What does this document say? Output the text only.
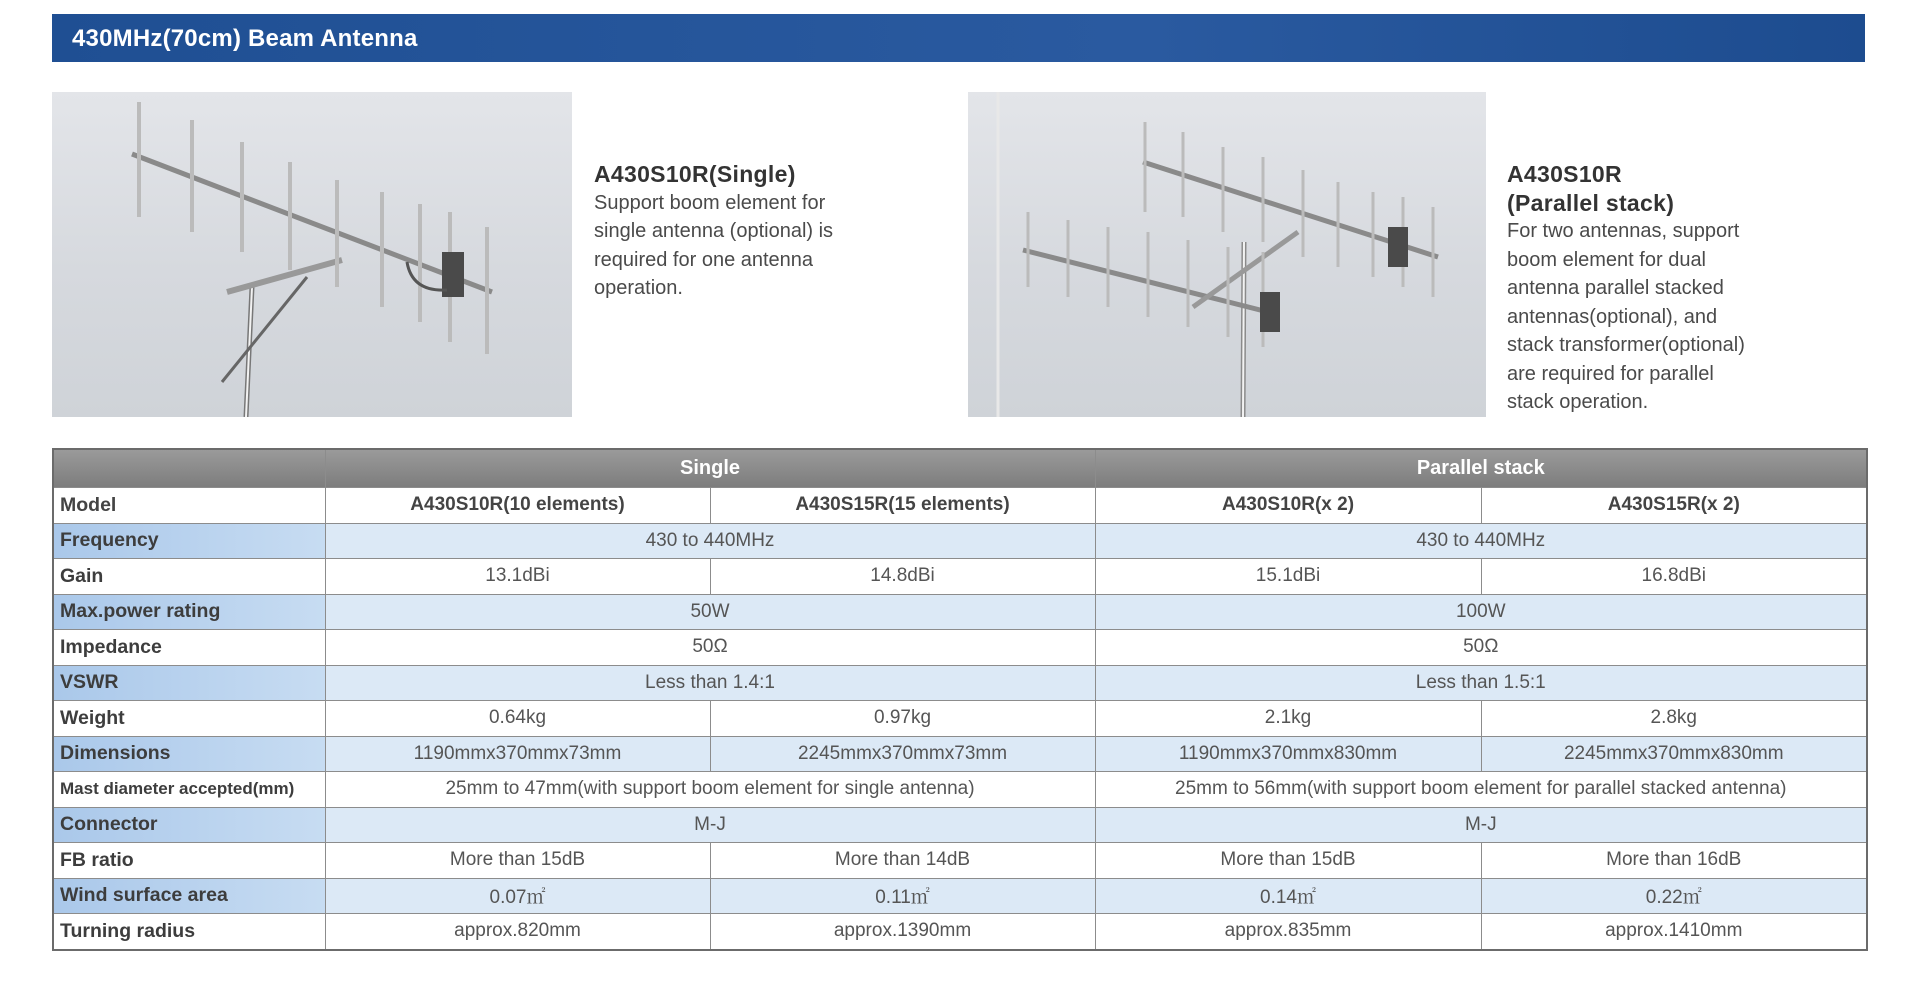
430MHz(70cm) Beam Antenna
A430S10R(Single)
Support boom element for
single antenna (optional) is
required for one antenna
operation.
A430S10R
(Parallel stack)
For two antennas, support
boom element for dual
antenna parallel stacked
antennas(optional), and
stack transformer(optional)
are required for parallel
stack operation.
	Single		Parallel stack	
Model	A430S10R(10 elements)	A430S15R(15 elements)	A430S10R(x 2)	A430S15R(x 2)
Frequency	430 to 440MHz		430 to 440MHz	
Gain	13.1dBi	14.8dBi	15.1dBi	16.8dBi
Max.power rating	50W		100W	
Impedance	50Ω		50Ω	
VSWR	Less than 1.4:1		Less than 1.5:1	
Weight	0.64kg	0.97kg	2.1kg	2.8kg
Dimensions	1190mmx370mmx73mm	2245mmx370mmx73mm	1190mmx370mmx830mm	2245mmx370mmx830mm
Mast diameter accepted(mm)	25mm to 47mm(with support boom element for single antenna)		25mm to 56mm(with support boom element for parallel stacked antenna)	
Connector	M-J		M-J	
FB ratio	More than 15dB	More than 14dB	More than 15dB	More than 16dB
Wind surface area	0.07㎡	0.11㎡	0.14㎡	0.22㎡
Turning radius	approx.820mm	approx.1390mm	approx.835mm	approx.1410mm
